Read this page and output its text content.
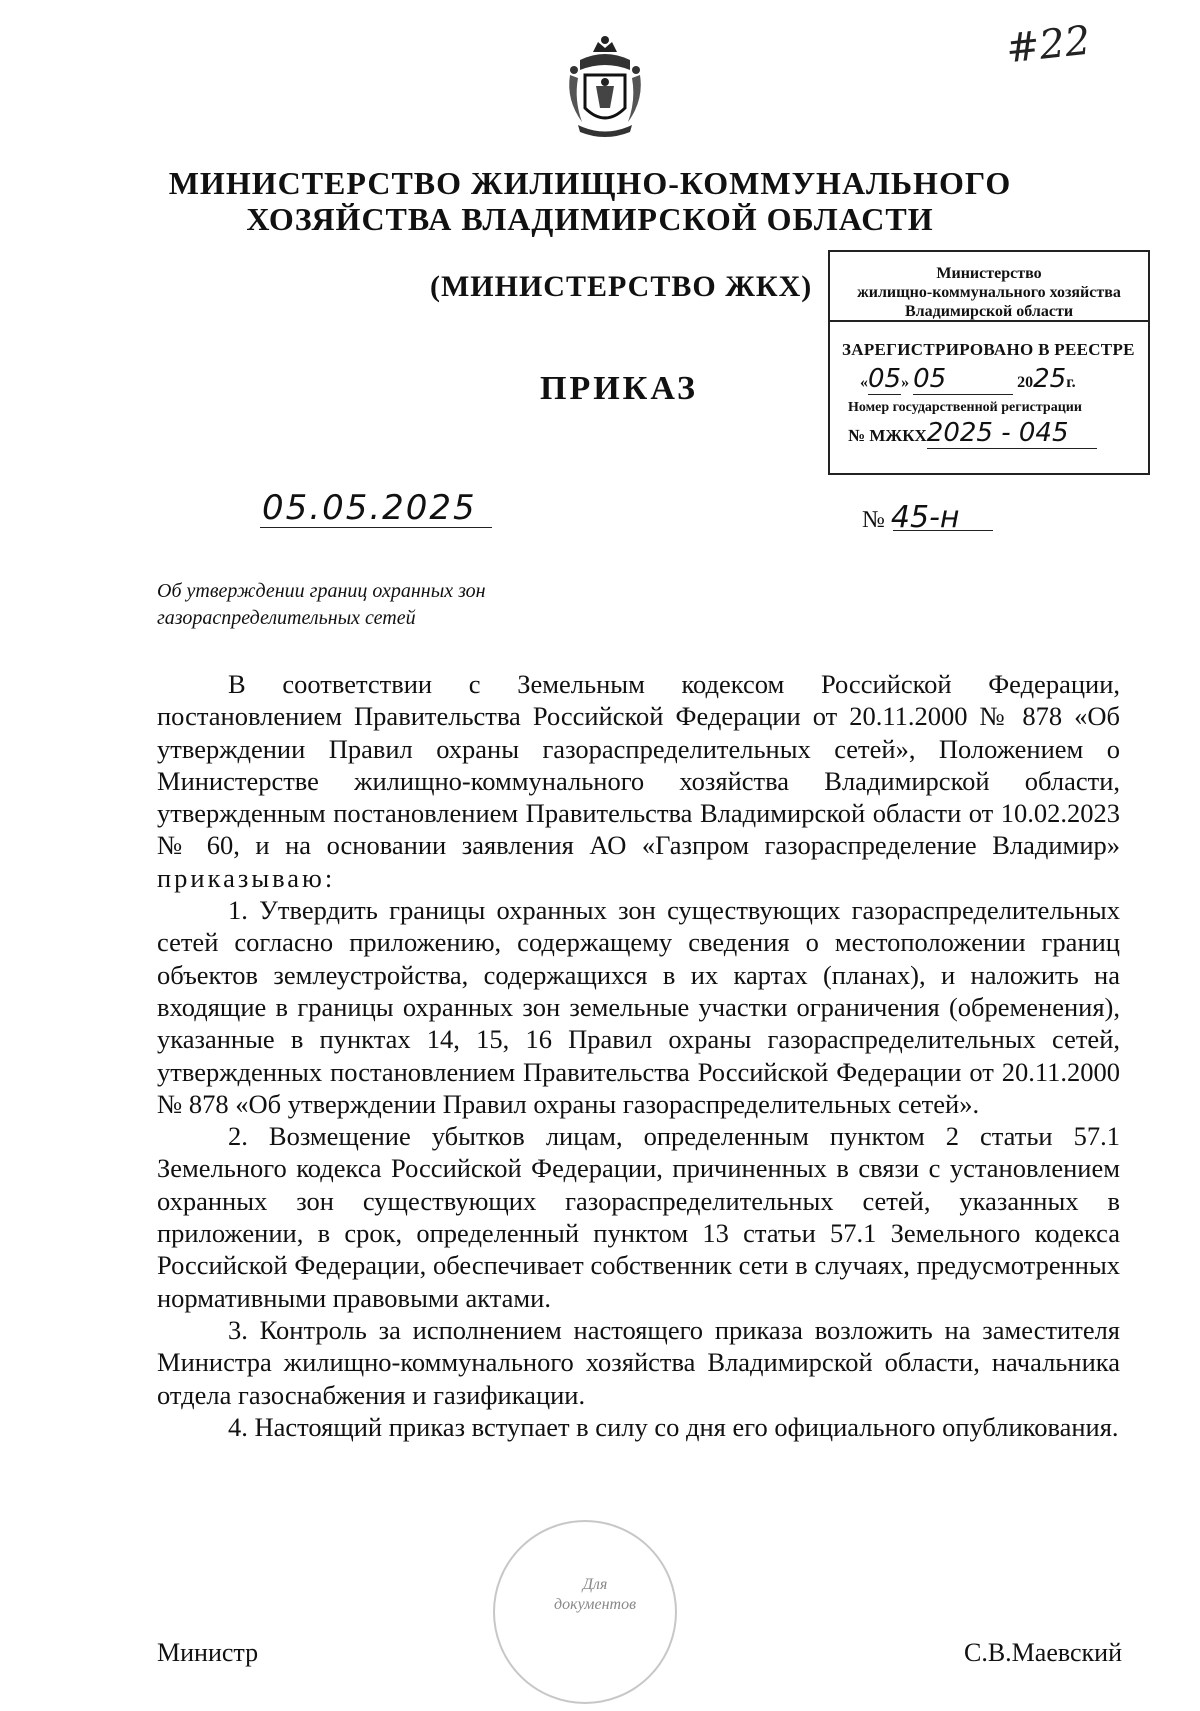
#22
МИНИСТЕРСТВО ЖИЛИЩНО-КОММУНАЛЬНОГО
ХОЗЯЙСТВА ВЛАДИМИРСКОЙ ОБЛАСТИ
(МИНИСТЕРСТВО ЖКХ)
ПРИКАЗ
Министерство
жилищно-коммунального хозяйства
Владимирской области
ЗАРЕГИСТРИРОВАНО В РЕЕСТРЕ
«05» 05	2025г.
Номер государственной регистрации
№ МЖКХ2025 - 045
05.05.2025	№ 45-н
Об утверждении границ охранных зон
газораспределительных сетей

В соответствии с Земельным кодексом Российской Федерации, постановлением Правительства Российской Федерации от 20.11.2000 № 878 «Об утверждении Правил охраны газораспределительных сетей», Положением о Министерстве жилищно-коммунального хозяйства Владимирской области, утвержденным постановлением Правительства Владимирской области от 10.02.2023 № 60, и на основании заявления АО «Газпром газораспределение Владимир» приказываю:

1. Утвердить границы охранных зон существующих газораспределительных сетей согласно приложению, содержащему сведения о местоположении границ объектов землеустройства, содержащихся в их картах (планах), и наложить на входящие в границы охранных зон земельные участки ограничения (обременения), указанные в пунктах 14, 15, 16 Правил охраны газораспределительных сетей, утвержденных постановлением Правительства Российской Федерации от 20.11.2000 № 878 «Об утверждении Правил охраны газораспределительных сетей».

2. Возмещение убытков лицам, определенным пунктом 2 статьи 57.1 Земельного кодекса Российской Федерации, причиненных в связи с установлением охранных зон существующих газораспределительных сетей, указанных в приложении, в срок, определенный пунктом 13 статьи 57.1 Земельного кодекса Российской Федерации, обеспечивает собственник сети в случаях, предусмотренных нормативными правовыми актами.

3. Контроль за исполнением настоящего приказа возложить на заместителя Министра жилищно-коммунального хозяйства Владимирской области, начальника отдела газоснабжения и газификации.

4. Настоящий приказ вступает в силу со дня его официального опубликования.

Для
документов
Министр	С.В.Маевский
